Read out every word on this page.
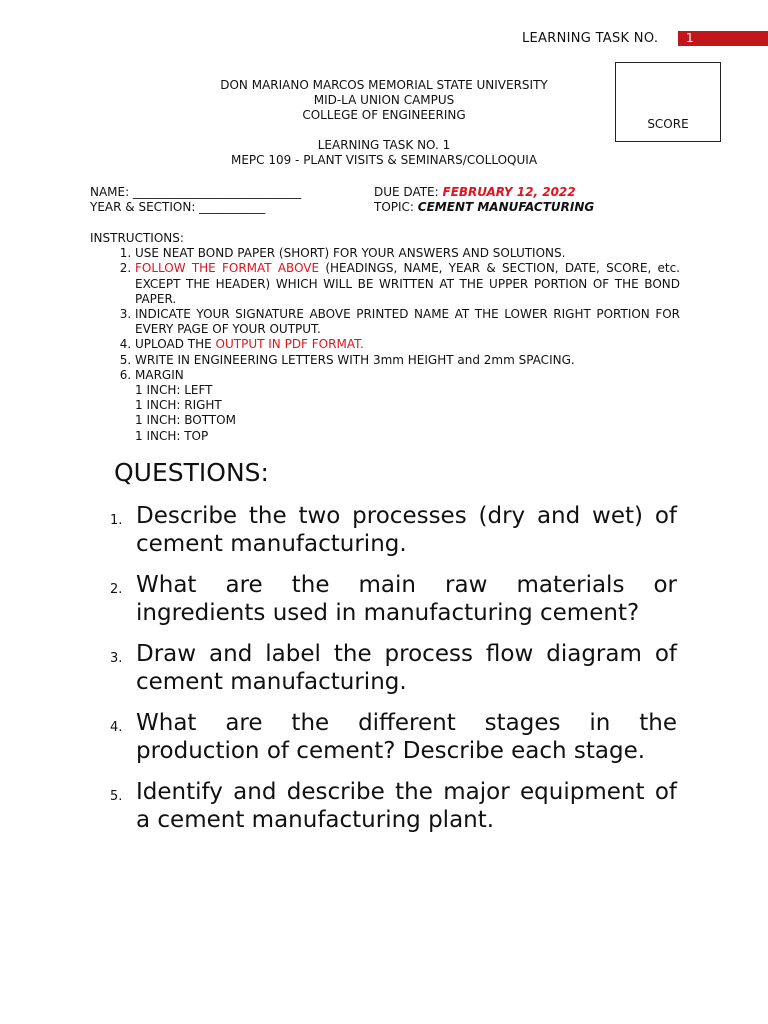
LEARNING TASK NO.	1
SCORE
DON MARIANO MARCOS MEMORIAL STATE UNIVERSITY
MID-LA UNION CAMPUS
COLLEGE OF ENGINEERING
LEARNING TASK NO. 1
MEPC 109 - PLANT VISITS & SEMINARS/COLLOQUIA
NAME: ____________________________
YEAR & SECTION: ___________
DUE DATE: FEBRUARY 12, 2022
TOPIC: CEMENT MANUFACTURING
INSTRUCTIONS:
1. USE NEAT BOND PAPER (SHORT) FOR YOUR ANSWERS AND SOLUTIONS.
2. FOLLOW THE FORMAT ABOVE (HEADINGS, NAME, YEAR & SECTION, DATE, SCORE, etc. EXCEPT THE HEADER) WHICH WILL BE WRITTEN AT THE UPPER PORTION OF THE BOND PAPER.
3. INDICATE YOUR SIGNATURE ABOVE PRINTED NAME AT THE LOWER RIGHT PORTION FOR EVERY PAGE OF YOUR OUTPUT.
4. UPLOAD THE OUTPUT IN PDF FORMAT.
5. WRITE IN ENGINEERING LETTERS WITH 3mm HEIGHT and 2mm SPACING.
6. MARGIN
1 INCH: LEFT
1 INCH: RIGHT
1 INCH: BOTTOM
1 INCH: TOP
QUESTIONS:
1. Describe the two processes (dry and wet) of cement manufacturing.
2. What are the main raw materials or ingredients used in manufacturing cement?
3. Draw and label the process flow diagram of cement manufacturing.
4. What are the different stages in the production of cement? Describe each stage.
5. Identify and describe the major equipment of a cement manufacturing plant.
